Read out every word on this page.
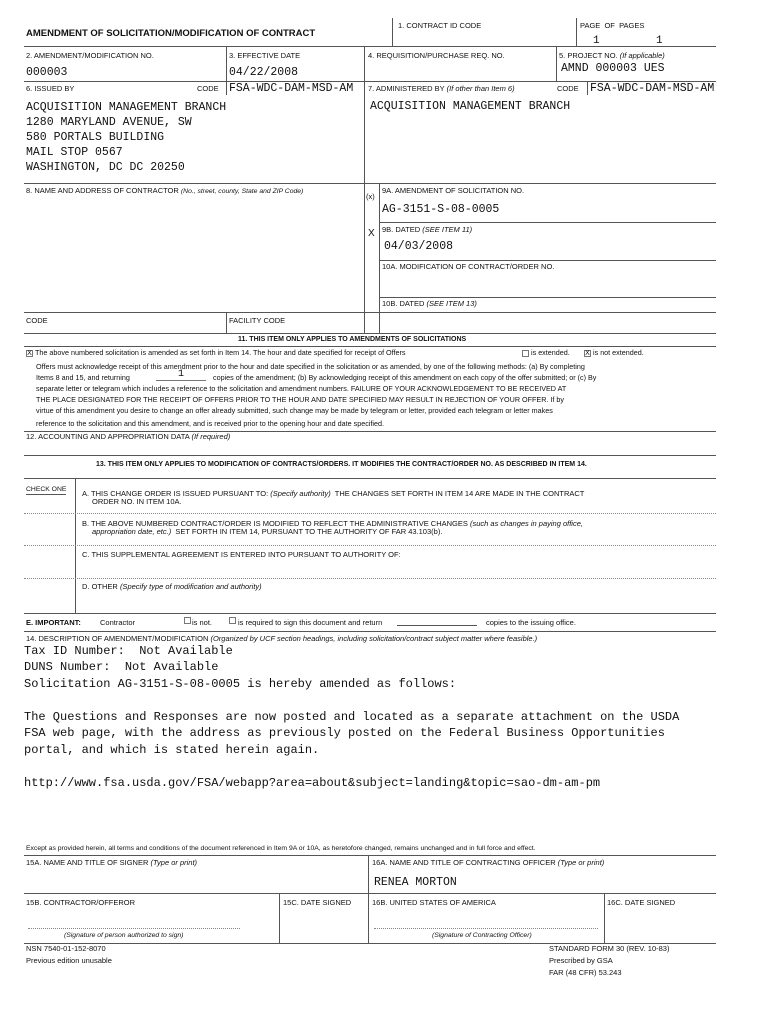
AMENDMENT OF SOLICITATION/MODIFICATION OF CONTRACT
1. CONTRACT ID CODE	PAGE OF PAGES
1	1
2. AMENDMENT/MODIFICATION NO.
000003
3. EFFECTIVE DATE
04/22/2008
4. REQUISITION/PURCHASE REQ. NO.	5. PROJECT NO. (If applicable)
AMND 000003 UES
6. ISSUED BY	CODE FSA-WDC-DAM-MSD-AM	7. ADMINISTERED BY (If other than Item 6)	CODE FSA-WDC-DAM-MSD-AM
ACQUISITION MANAGEMENT BRANCH
1280 MARYLAND AVENUE, SW
580 PORTALS BUILDING
MAIL STOP 0567
WASHINGTON, DC DC 20250
ACQUISITION MANAGEMENT BRANCH
8. NAME AND ADDRESS OF CONTRACTOR (No., street, county, State and ZIP Code)
(x)
X
9A. AMENDMENT OF SOLICITATION NO.
AG-3151-S-08-0005
9B. DATED (SEE ITEM 11)
04/03/2008
10A. MODIFICATION OF CONTRACT/ORDER NO.
10B. DATED (SEE ITEM 13)
CODE	FACILITY CODE
11. THIS ITEM ONLY APPLIES TO AMENDMENTS OF SOLICITATIONS
X The above numbered solicitation is amended as set forth in Item 14. The hour and date specified for receipt of Offers	is extended. X is not extended.
Offers must acknowledge receipt of this amendment prior to the hour and date specified in the solicitation or as amended, by one of the following methods: (a) By completing
Items 8 and 15, and returning	1	copies of the amendment; (b) By acknowledging receipt of this amendment on each copy of the offer submitted; or (c) By
separate letter or telegram which includes a reference to the solicitation and amendment numbers. FAILURE OF YOUR ACKNOWLEDGEMENT TO BE RECEIVED AT
THE PLACE DESIGNATED FOR THE RECEIPT OF OFFERS PRIOR TO THE HOUR AND DATE SPECIFIED MAY RESULT IN REJECTION OF YOUR OFFER. If by
virtue of this amendment you desire to change an offer already submitted, such change may be made by telegram or letter, provided each telegram or letter makes
reference to the solicitation and this amendment, and is received prior to the opening hour and date specified.
12. ACCOUNTING AND APPROPRIATION DATA (If required)
13. THIS ITEM ONLY APPLIES TO MODIFICATION OF CONTRACTS/ORDERS. IT MODIFIES THE CONTRACT/ORDER NO. AS DESCRIBED IN ITEM 14.
CHECK ONE A. THIS CHANGE ORDER IS ISSUED PURSUANT TO: (Specify authority) THE CHANGES SET FORTH IN ITEM 14 ARE MADE IN THE CONTRACT
ORDER NO. IN ITEM 10A.
B. THE ABOVE NUMBERED CONTRACT/ORDER IS MODIFIED TO REFLECT THE ADMINISTRATIVE CHANGES (such as changes in paying office,
appropriation date, etc.) SET FORTH IN ITEM 14, PURSUANT TO THE AUTHORITY OF FAR 43.103(b).
C. THIS SUPPLEMENTAL AGREEMENT IS ENTERED INTO PURSUANT TO AUTHORITY OF:
D. OTHER (Specify type of modification and authority)
E. IMPORTANT:	Contractor	is not.	is required to sign this document and return	copies to the issuing office.
14. DESCRIPTION OF AMENDMENT/MODIFICATION (Organized by UCF section headings, including solicitation/contract subject matter where feasible.)
Tax ID Number:  Not Available
DUNS Number:  Not Available
Solicitation AG-3151-S-08-0005 is hereby amended as follows:
The Questions and Responses are now posted and located as a separate attachment on the USDA
FSA web page, with the address as previously posted on the Federal Business Opportunities
portal, and which is stated herein again.
http://www.fsa.usda.gov/FSA/webapp?area=about&subject=landing&topic=sao-dm-am-pm
Except as provided herein, all terms and conditions of the document referenced in Item 9A or 10A, as heretofore changed, remains unchanged and in full force and effect.
15A. NAME AND TITLE OF SIGNER (Type or print)	16A. NAME AND TITLE OF CONTRACTING OFFICER (Type or print)
RENEA MORTON
15B. CONTRACTOR/OFFEROR	15C. DATE SIGNED	16B. UNITED STATES OF AMERICA	16C. DATE SIGNED
(Signature of person authorized to sign)	(Signature of Contracting Officer)
NSN 7540-01-152-8070
Previous edition unusable
STANDARD FORM 30 (REV. 10-83)
Prescribed by GSA
FAR (48 CFR) 53.243
